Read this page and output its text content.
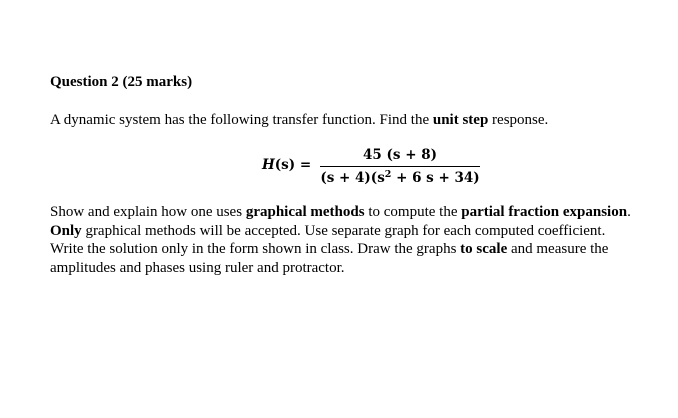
Question 2 (25 marks)
A dynamic system has the following transfer function. Find the unit step response.
H(s) =
45 (s + 8)
$(s + 4)(s^2 + 6$ s + 34)
Show and explain how one uses graphical methods to compute the partial fraction expansion.
Only graphical methods will be accepted. Use separate graph for each computed coefficient.
Write the solution only in the form shown in class. Draw the graphs to scale and measure the
amplitudes and phases using ruler and protractor.
